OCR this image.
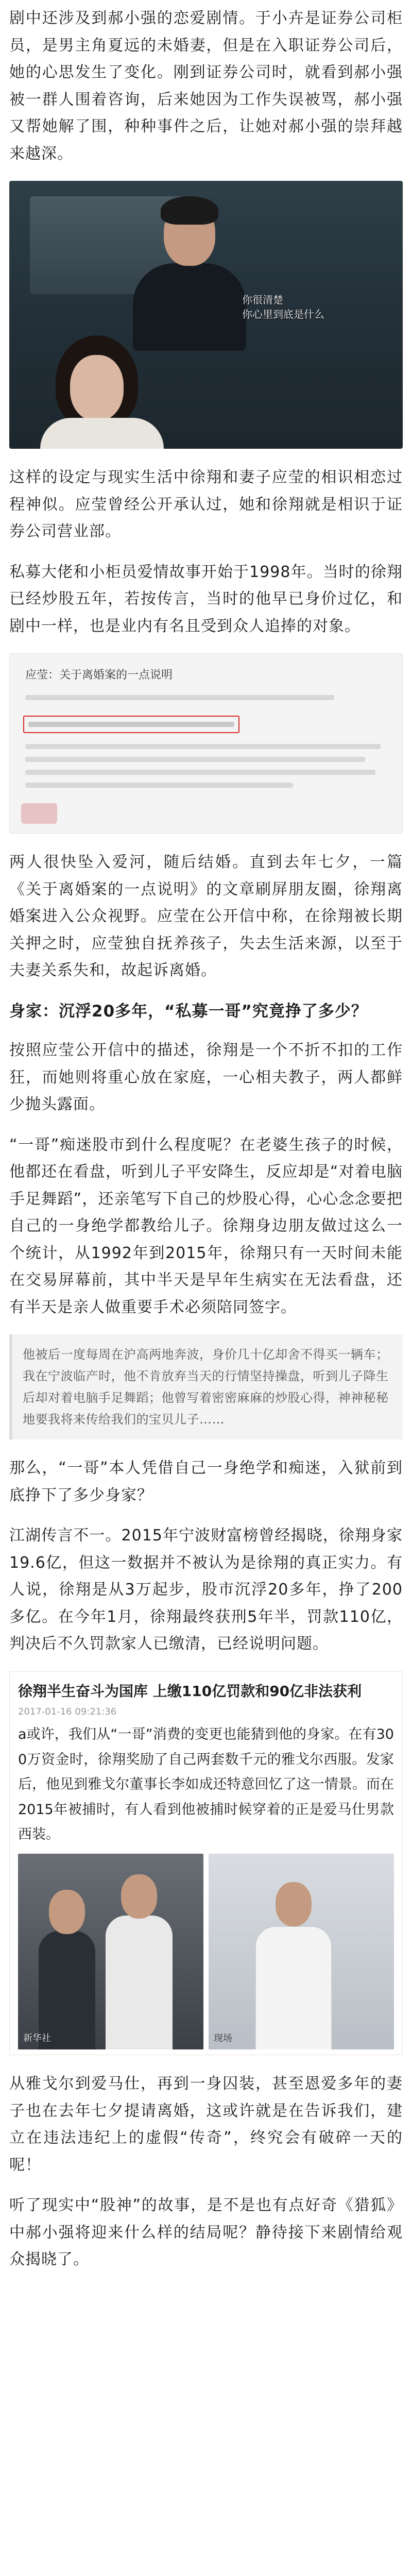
剧中还涉及到郝小强的恋爱剧情。于小卉是证券公司柜员，是男主角夏远的未婚妻，但是在入职证券公司后，她的心思发生了变化。刚到证券公司时，就看到郝小强被一群人围着咨询，后来她因为工作失误被骂，郝小强又帮她解了围，种种事件之后，让她对郝小强的崇拜越来越深。

你很清楚
你心里到底是什么

这样的设定与现实生活中徐翔和妻子应莹的相识相恋过程神似。应莹曾经公开承认过，她和徐翔就是相识于证券公司营业部。

私募大佬和小柜员爱情故事开始于1998年。当时的徐翔已经炒股五年，若按传言，当时的他早已身价过亿，和剧中一样，也是业内有名且受到众人追捧的对象。

应莹：关于离婚案的一点说明

两人很快坠入爱河，随后结婚。直到去年七夕，一篇《关于离婚案的一点说明》的文章刷屏朋友圈，徐翔离婚案进入公众视野。应莹在公开信中称，在徐翔被长期关押之时，应莹独自抚养孩子，失去生活来源，以至于夫妻关系失和，故起诉离婚。

身家：沉浮20多年，“私募一哥”究竟挣了多少？

按照应莹公开信中的描述，徐翔是一个不折不扣的工作狂，而她则将重心放在家庭，一心相夫教子，两人都鲜少抛头露面。

“一哥”痴迷股市到什么程度呢？在老婆生孩子的时候，他都还在看盘，听到儿子平安降生，反应却是“对着电脑手足舞蹈”，还亲笔写下自己的炒股心得，心心念念要把自己的一身绝学都教给儿子。徐翔身边朋友做过这么一个统计，从1992年到2015年，徐翔只有一天时间未能在交易屏幕前，其中半天是早年生病实在无法看盘，还有半天是亲人做重要手术必须陪同签字。

他被后一度每周在沪高两地奔波，身价几十亿却舍不得买一辆车；我在宁波临产时，他不肯放弃当天的行情坚持操盘，听到儿子降生后却对着电脑手足舞蹈；他曾写着密密麻麻的炒股心得，神神秘秘地要我将来传给我们的宝贝儿子……

那么，“一哥”本人凭借自己一身绝学和痴迷，入狱前到底挣下了多少身家？

江湖传言不一。2015年宁波财富榜曾经揭晓，徐翔身家19.6亿，但这一数据并不被认为是徐翔的真正实力。有人说，徐翔是从3万起步，股市沉浮20多年，挣了200多亿。在今年1月，徐翔最终获刑5年半，罚款110亿，判决后不久罚款家人已缴清，已经说明问题。

徐翔半生奋斗为国库 上缴110亿罚款和90亿非法获利
2017-01-16 09:21:36

a或许，我们从“一哥”消费的变更也能猜到他的身家。在有300万资金时，徐翔奖励了自己两套数千元的雅戈尔西服。发家后，他见到雅戈尔董事长李如成还特意回忆了这一情景。而在2015年被捕时，有人看到他被捕时候穿着的正是爱马仕男款西装。

新华社	现场

从雅戈尔到爱马仕，再到一身囚装，甚至恩爱多年的妻子也在去年七夕提请离婚，这或许就是在告诉我们，建立在违法违纪上的虚假“传奇”，终究会有破碎一天的呢！

听了现实中“股神”的故事，是不是也有点好奇《猎狐》中郝小强将迎来什么样的结局呢？静待接下来剧情给观众揭晓了。
